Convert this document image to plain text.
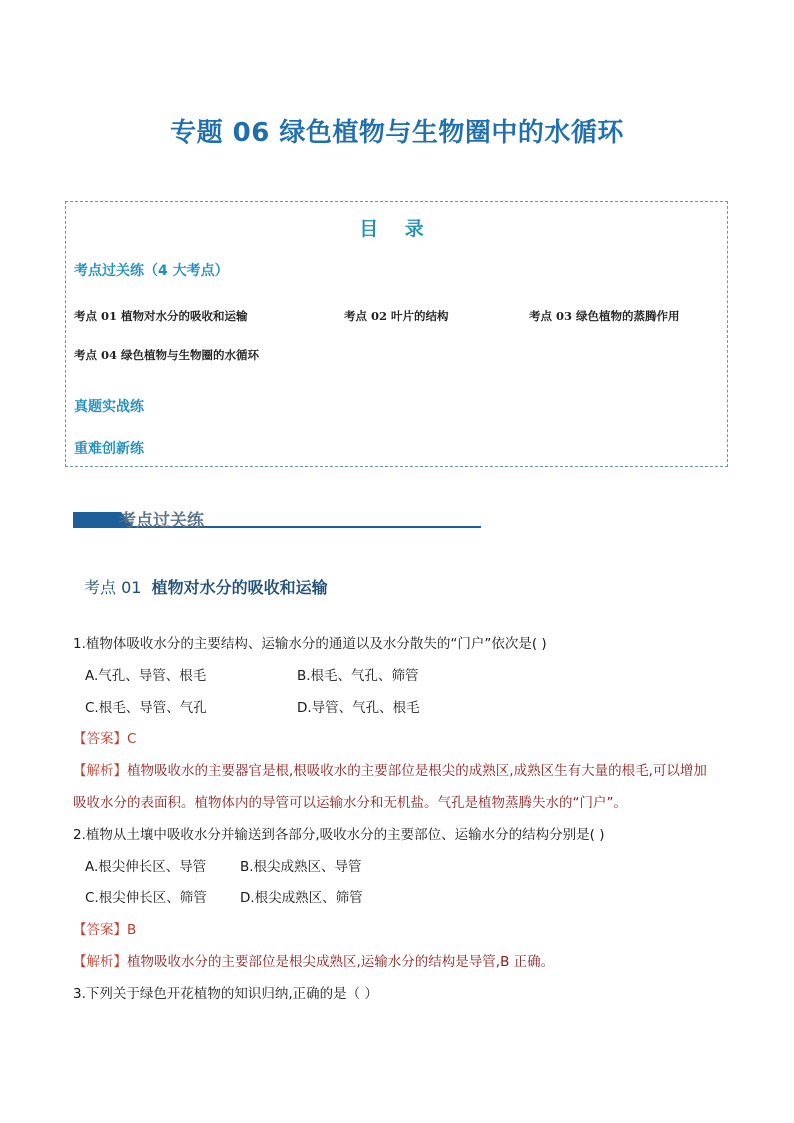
专题 06 绿色植物与生物圈中的水循环
目 录
考点过关练（4 大考点）
考点 01 植物对水分的吸收和运输	考点 02 叶片的结构	考点 03 绿色植物的蒸腾作用
考点 04 绿色植物与生物圈的水循环
真题实战练
重难创新练
考点过关练
考点 01 植物对水分的吸收和运输
1.植物体吸收水分的主要结构、运输水分的通道以及水分散失的“门户”依次是( )
A.气孔、导管、根毛	B.根毛、气孔、筛管
C.根毛、导管、气孔	D.导管、气孔、根毛
【答案】C
【解析】植物吸收水的主要器官是根,根吸收水的主要部位是根尖的成熟区,成熟区生有大量的根毛,可以增加
吸收水分的表面积。植物体内的导管可以运输水分和无机盐。气孔是植物蒸腾失水的“门户”。
2.植物从土壤中吸收水分并输送到各部分,吸收水分的主要部位、运输水分的结构分别是( )
A.根尖伸长区、导管 B.根尖成熟区、导管
C.根尖伸长区、筛管 D.根尖成熟区、筛管
【答案】B
【解析】植物吸收水分的主要部位是根尖成熟区,运输水分的结构是导管,B 正确。
3.下列关于绿色开花植物的知识归纳,正确的是（ ）
